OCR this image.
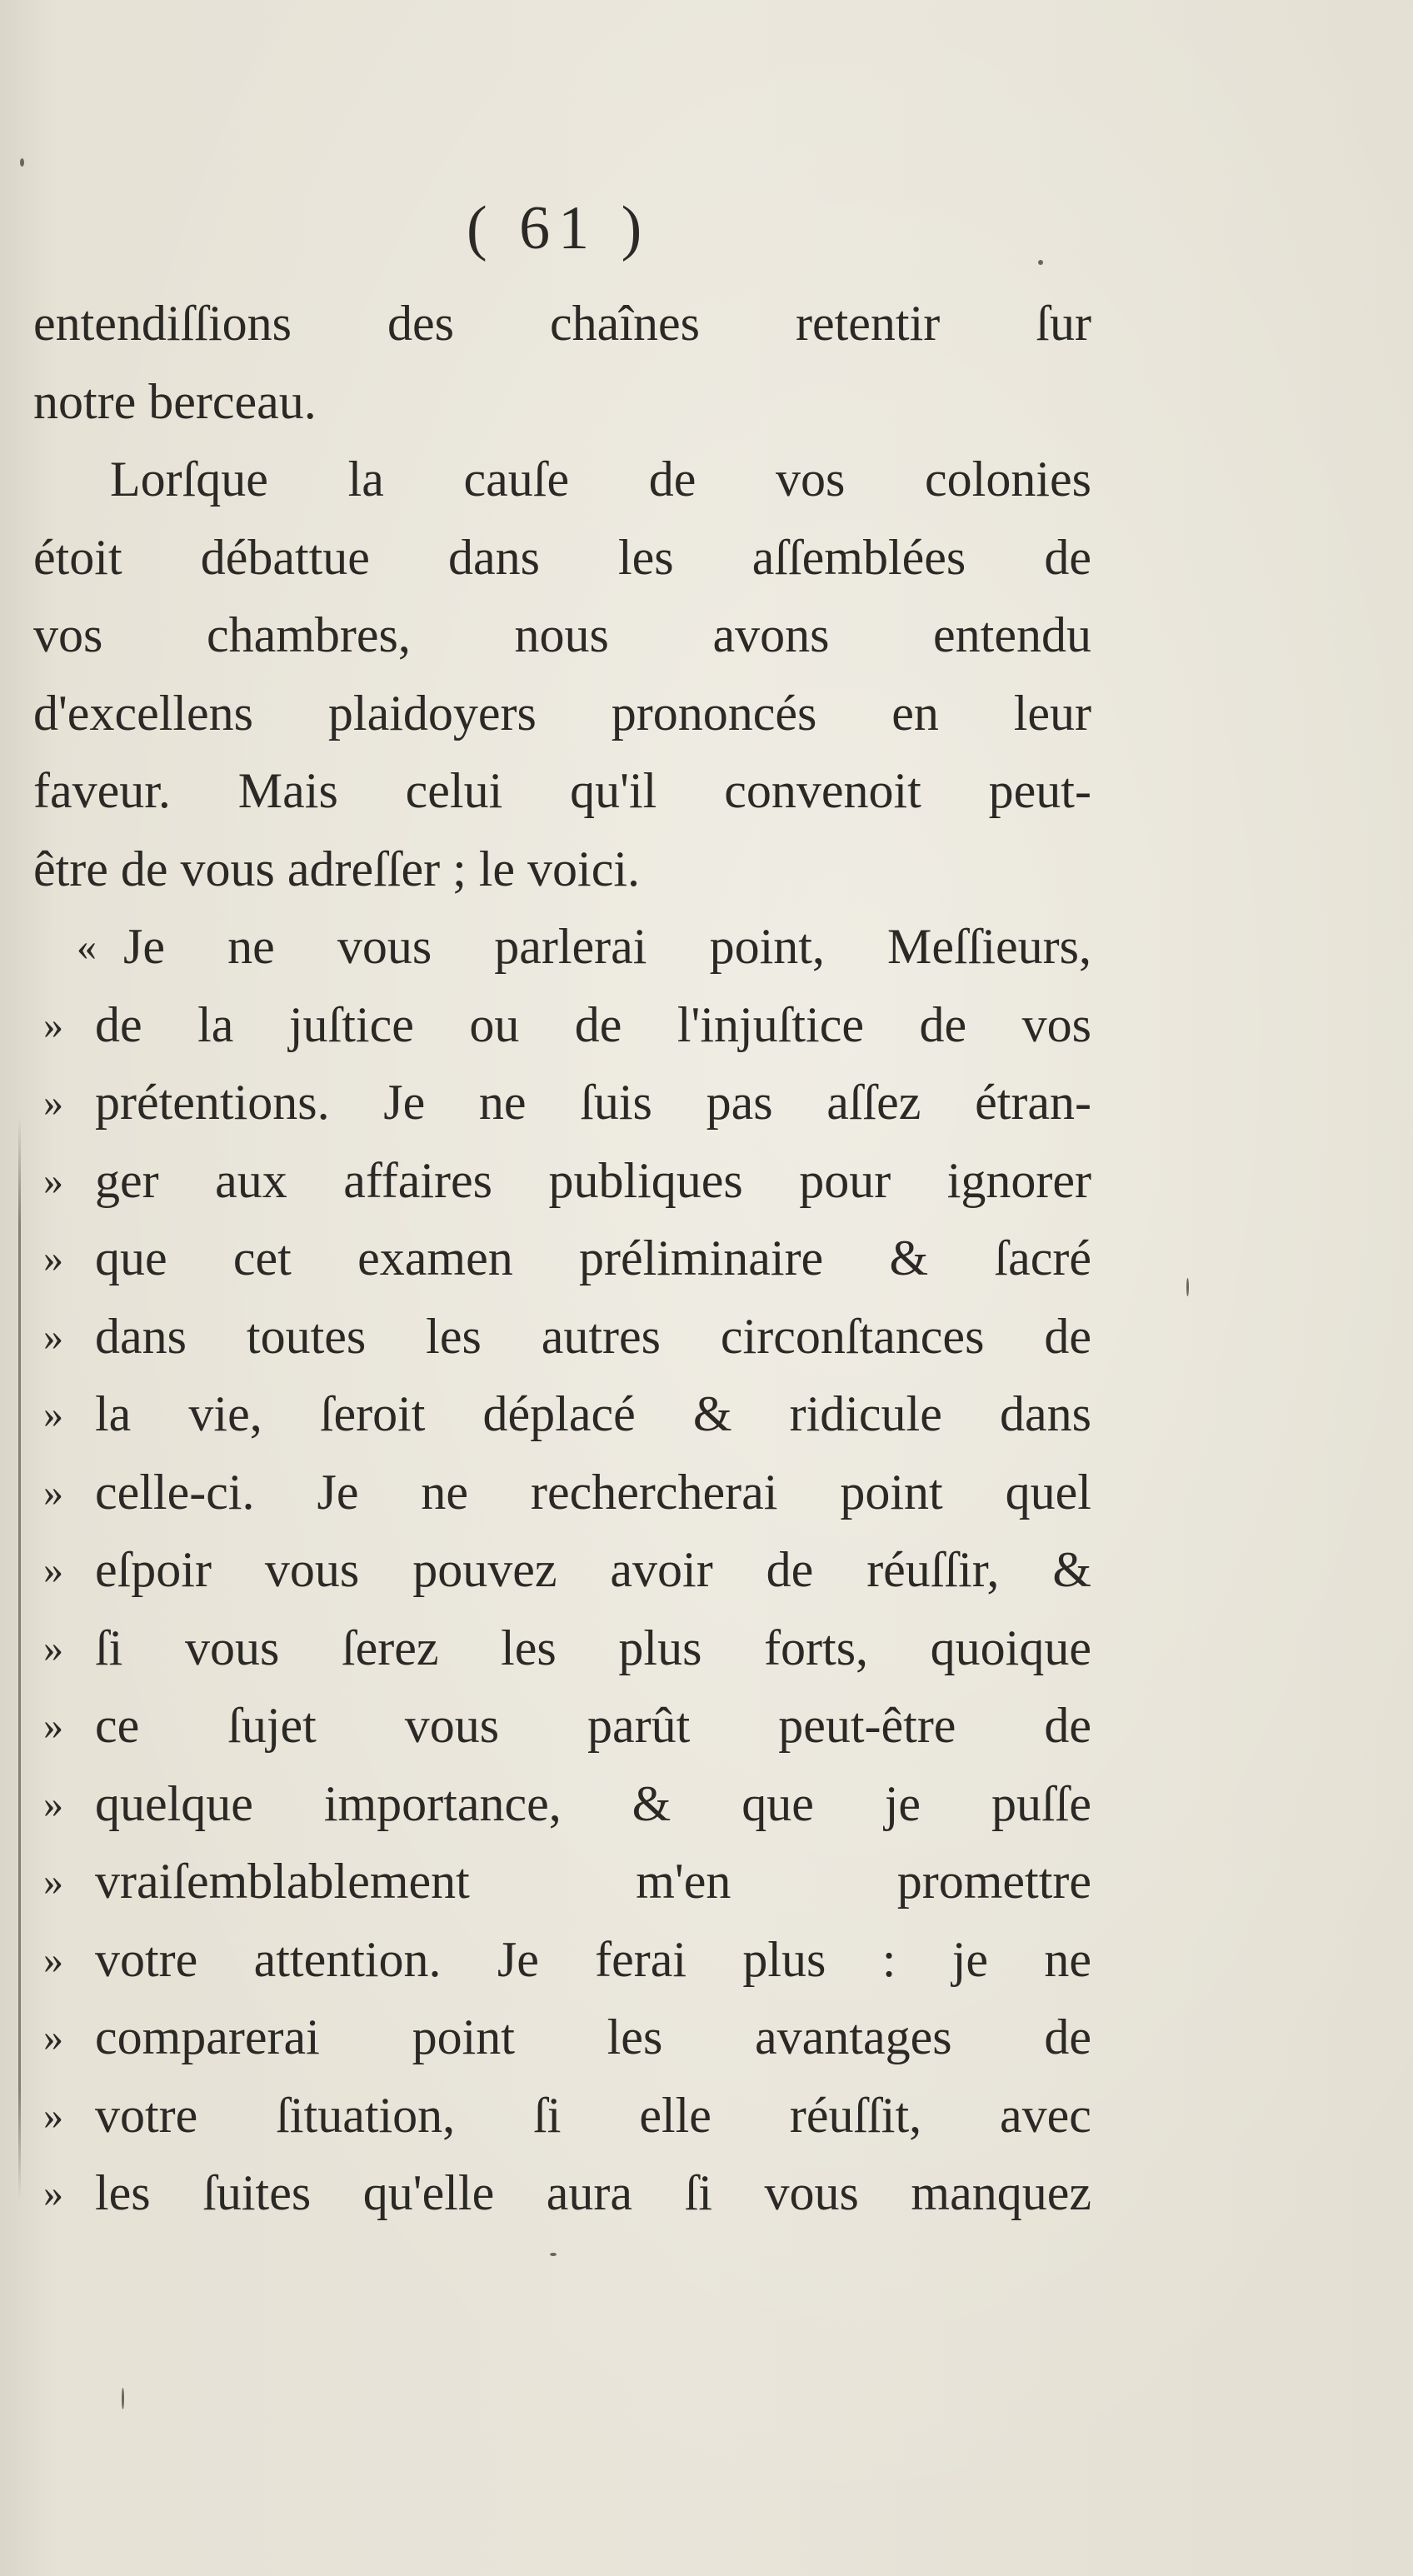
( 61 )
entendiſſions des chaînes retentir ſur
notre berceau.
Lorſque la cauſe de vos colonies
étoit débattue dans les aſſemblées de
vos chambres, nous avons entendu
d'excellens plaidoyers prononcés en leur
faveur. Mais celui qu'il convenoit peut-
être de vous adreſſer ; le voici.
« Je ne vous parlerai point, Meſſieurs,
» de la juſtice ou de l'injuſtice de vos
» prétentions. Je ne ſuis pas aſſez étran-
» ger aux affaires publiques pour ignorer
» que cet examen préliminaire & ſacré
» dans toutes les autres circonſtances de
» la vie, ſeroit déplacé & ridicule dans
» celle-ci. Je ne rechercherai point quel
» eſpoir vous pouvez avoir de réuſſir, &
» ſi vous ſerez les plus forts, quoique
» ce ſujet vous parût peut-être de
» quelque importance, & que je puſſe
» vraiſemblablement	m'en	promettre
» votre attention. Je ferai plus : je ne
» comparerai point les avantages de
» votre ſituation, ſi elle réuſſit, avec
» les ſuites qu'elle aura ſi vous manquez
